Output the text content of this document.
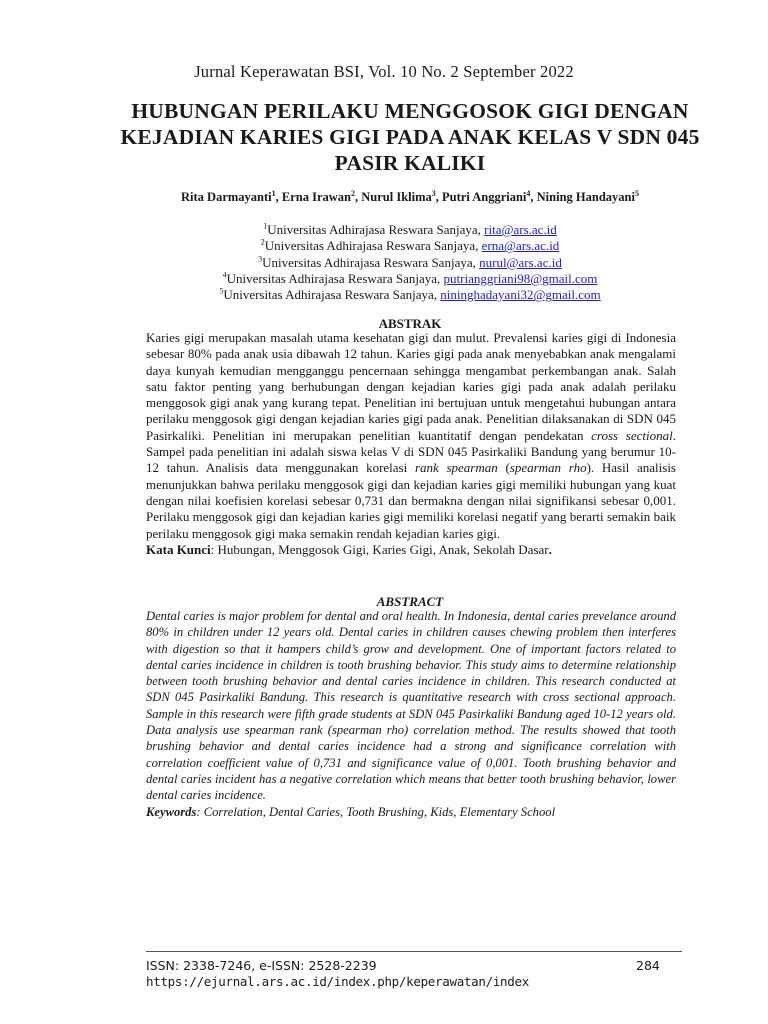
Jurnal Keperawatan BSI, Vol. 10 No. 2 September 2022
HUBUNGAN PERILAKU MENGGOSOK GIGI DENGAN KEJADIAN KARIES GIGI PADA ANAK KELAS V SDN 045 PASIR KALIKI
Rita Darmayanti$^1$, Erna Irawan$^2$, Nurul Iklima$^3$, Putri Anggriani$^4$, Nining Handayani$^5$
$^1$Universitas Adhirajasa Reswara Sanjaya, rita@ars.ac.id
$^2$Universitas Adhirajasa Reswara Sanjaya, erna@ars.ac.id
$^3$Universitas Adhirajasa Reswara Sanjaya, nurul@ars.ac.id
$^4$Universitas Adhirajasa Reswara Sanjaya, putrianggriani98@gmail.com
$^5$Universitas Adhirajasa Reswara Sanjaya, nininghadayani32@gmail.com
ABSTRAK

Karies gigi merupakan masalah utama kesehatan gigi dan mulut. Prevalensi karies gigi di Indonesia sebesar 80% pada anak usia dibawah 12 tahun. Karies gigi pada anak menyebabkan anak mengalami daya kunyah kemudian mengganggu pencernaan sehingga mengambat perkembangan anak. Salah satu faktor penting yang berhubungan dengan kejadian karies gigi pada anak adalah perilaku menggosok gigi anak yang kurang tepat. Penelitian ini bertujuan untuk mengetahui hubungan antara perilaku menggosok gigi dengan kejadian karies gigi pada anak. Penelitian dilaksanakan di SDN 045 Pasirkaliki. Penelitian ini merupakan penelitian kuantitatif dengan pendekatan cross sectional. Sampel pada penelitian ini adalah siswa kelas V di SDN 045 Pasirkaliki Bandung yang berumur 10-12 tahun. Analisis data menggunakan korelasi rank spearman (spearman rho). Hasil analisis menunjukkan bahwa perilaku menggosok gigi dan kejadian karies gigi memiliki hubungan yang kuat dengan nilai koefisien korelasi sebesar 0,731 dan bermakna dengan nilai signifikansi sebesar 0,001. Perilaku menggosok gigi dan kejadian karies gigi memiliki korelasi negatif yang berarti semakin baik perilaku menggosok gigi maka semakin rendah kejadian karies gigi.

Kata Kunci: Hubungan, Menggosok Gigi, Karies Gigi, Anak, Sekolah Dasar.

ABSTRACT

Dental caries is major problem for dental and oral health. In Indonesia, dental caries prevelance around 80% in children under 12 years old. Dental caries in children causes chewing problem then interferes with digestion so that it hampers child’s grow and development. One of important factors related to dental caries incidence in children is tooth brushing behavior. This study aims to determine relationship between tooth brushing behavior and dental caries incidence in children. This research conducted at SDN 045 Pasirkaliki Bandung. This research is quantitative research with cross sectional approach. Sample in this research were fifth grade students at SDN 045 Pasirkaliki Bandung aged 10-12 years old. Data analysis use spearman rank (spearman rho) correlation method. The results showed that tooth brushing behavior and dental caries incidence had a strong and significance correlation with correlation coefficient value of 0,731 and significance value of 0,001. Tooth brushing behavior and dental caries incident has a negative correlation which means that better tooth brushing behavior, lower dental caries incidence.

Keywords: Correlation, Dental Caries, Tooth Brushing, Kids, Elementary School

ISSN: 2338-7246, e-ISSN: 2528-2239	284
https://ejurnal.ars.ac.id/index.php/keperawatan/index
